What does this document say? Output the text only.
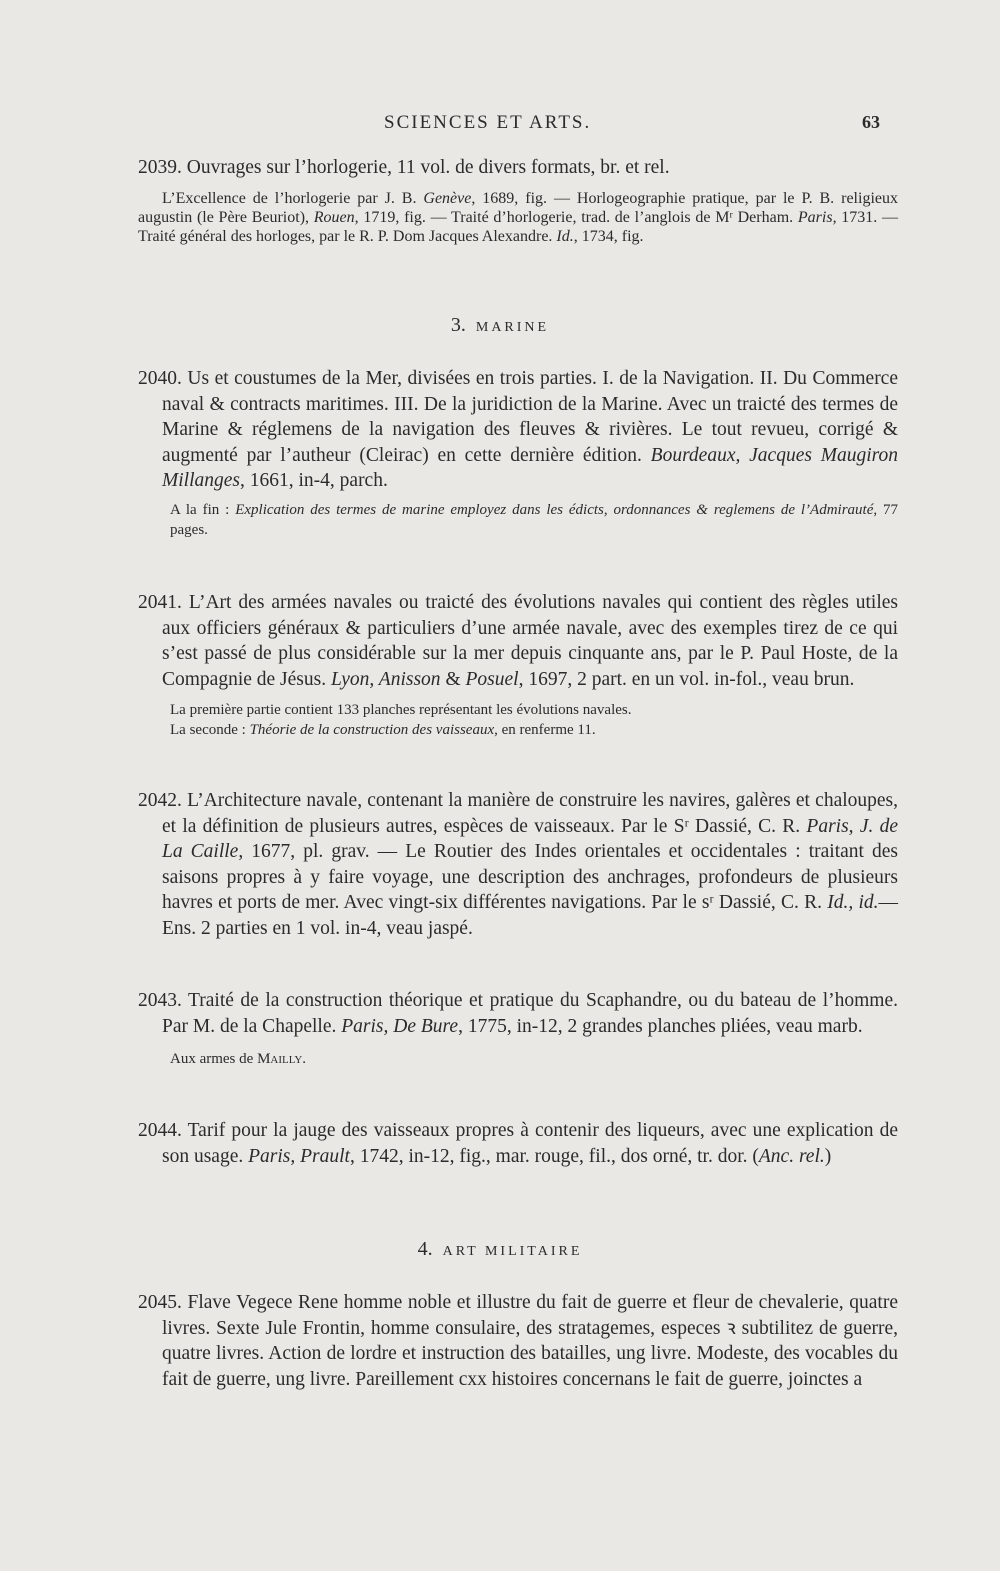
SCIENCES ET ARTS.	63
2039. Ouvrages sur l’horlogerie, 11 vol. de divers formats, br. et rel.
L’Excellence de l’horlogerie par J. B. Genève, 1689, fig. — Horlogeographie pratique, par le P. B. religieux augustin (le Père Beuriot), Rouen, 1719, fig. — Traité d’horlogerie, trad. de l’anglois de Mʳ Derham. Paris, 1731. — Traité général des horloges, par le R. P. Dom Jacques Alexandre. Id., 1734, fig.
3. MARINE
2040. Us et coustumes de la Mer, divisées en trois parties. I. de la Navigation. II. Du Commerce naval & contracts maritimes. III. De la juridiction de la Marine. Avec un traicté des termes de Marine & réglemens de la navigation des fleuves & rivières. Le tout revueu, corrigé & augmenté par l’autheur (Cleirac) en cette dernière édition. Bourdeaux, Jacques Maugiron Millanges, 1661, in-4, parch.
A la fin : Explication des termes de marine employez dans les édicts, ordonnances & reglemens de l’Admirauté, 77 pages.
2041. L’Art des armées navales ou traicté des évolutions navales qui contient des règles utiles aux officiers généraux & particuliers d’une armée navale, avec des exemples tirez de ce qui s’est passé de plus considérable sur la mer depuis cinquante ans, par le P. Paul Hoste, de la Compagnie de Jésus. Lyon, Anisson & Posuel, 1697, 2 part. en un vol. in-fol., veau brun.
La première partie contient 133 planches représentant les évolutions navales.
La seconde : Théorie de la construction des vaisseaux, en renferme 11.
2042. L’Architecture navale, contenant la manière de construire les navires, galères et chaloupes, et la définition de plusieurs autres, espèces de vaisseaux. Par le Sʳ Dassié, C. R. Paris, J. de La Caille, 1677, pl. grav. — Le Routier des Indes orientales et occidentales : traitant des saisons propres à y faire voyage, une description des anchrages, profondeurs de plusieurs havres et ports de mer. Avec vingt-six différentes navigations. Par le sʳ Dassié, C. R. Id., id.— Ens. 2 parties en 1 vol. in-4, veau jaspé.
2043. Traité de la construction théorique et pratique du Scaphandre, ou du bateau de l’homme. Par M. de la Chapelle. Paris, De Bure, 1775, in-12, 2 grandes planches pliées, veau marb.
Aux armes de Mailly.
2044. Tarif pour la jauge des vaisseaux propres à contenir des liqueurs, avec une explication de son usage. Paris, Prault, 1742, in-12, fig., mar. rouge, fil., dos orné, tr. dor. (Anc. rel.)
4. ART MILITAIRE
2045. Flave Vegece Rene homme noble et illustre du fait de guerre et fleur de chevalerie, quatre livres. Sexte Jule Frontin, homme consulaire, des stratagemes, especes ꝛ subtilitez de guerre, quatre livres. Action de lordre et instruction des batailles, ung livre. Modeste, des vocables du fait de guerre, ung livre. Pareillement cxx histoires concernans le fait de guerre, joinctes a
